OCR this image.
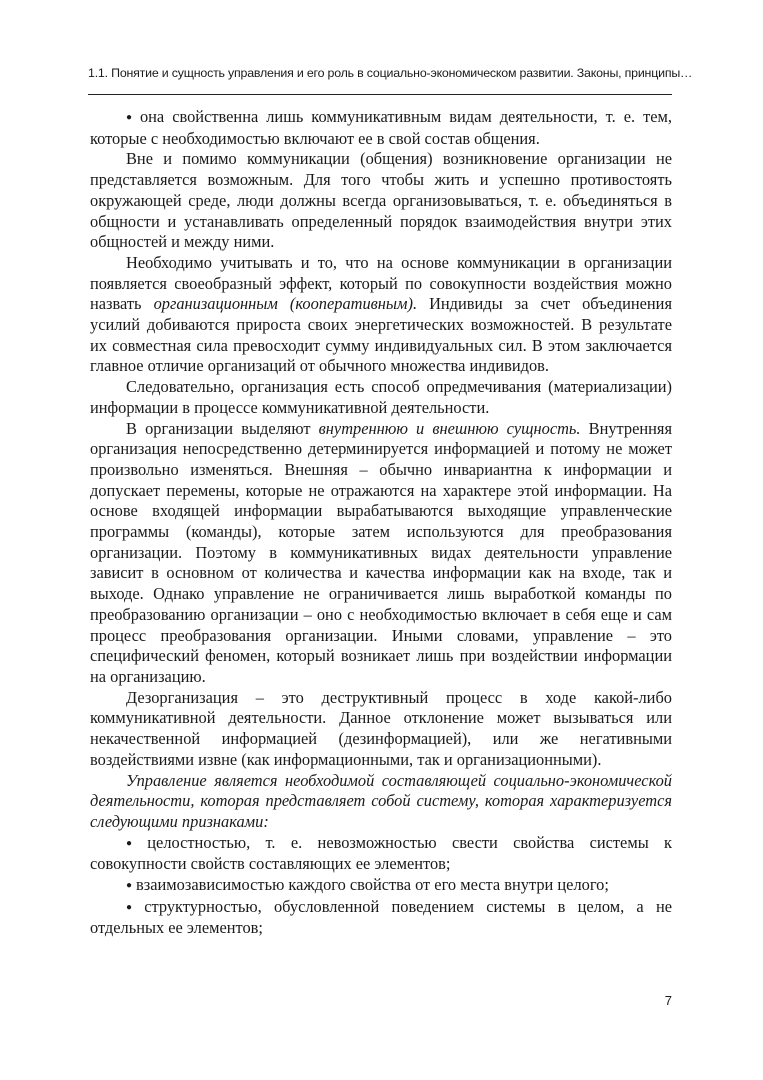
1.1. Понятие и сущность управления и его роль в социально-экономическом развитии. Законы, принципы…

● она свойственна лишь коммуникативным видам деятельности, т. е. тем, которые с необходимостью включают ее в свой состав общения.

Вне и помимо коммуникации (общения) возникновение организации не представляется возможным. Для того чтобы жить и успешно противостоять окружающей среде, люди должны всегда организовываться, т. е. объединяться в общности и устанавливать определенный порядок взаимодействия внутри этих общностей и между ними.

Необходимо учитывать и то, что на основе коммуникации в организации появляется своеобразный эффект, который по совокупности воздействия можно назвать организационным (кооперативным). Индивиды за счет объединения усилий добиваются прироста своих энергетических возможностей. В результате их совместная сила превосходит сумму индивидуальных сил. В этом заключается главное отличие организаций от обычного множества индивидов.

Следовательно, организация есть способ опредмечивания (материализации) информации в процессе коммуникативной деятельности.

В организации выделяют внутреннюю и внешнюю сущность. Внутренняя организация непосредственно детерминируется информацией и потому не может произвольно изменяться. Внешняя – обычно инвариантна к информации и допускает перемены, которые не отражаются на характере этой информации. На основе входящей информации вырабатываются выходящие управленческие программы (команды), которые затем используются для преобразования организации. Поэтому в коммуникативных видах деятельности управление зависит в основном от количества и качества информации как на входе, так и выходе. Однако управление не ограничивается лишь выработкой команды по преобразованию организации – оно с необходимостью включает в себя еще и сам процесс преобразования организации. Иными словами, управление – это специфический феномен, который возникает лишь при воздействии информации на организацию.

Дезорганизация – это деструктивный процесс в ходе какой-либо коммуникативной деятельности. Данное отклонение может вызываться или некачественной информацией (дезинформацией), или же негативными воздействиями извне (как информационными, так и организационными).

Управление является необходимой составляющей социально-экономической деятельности, которая представляет собой систему, которая характеризуется следующими признаками:

● целостностью, т. е. невозможностью свести свойства системы к совокупности свойств составляющих ее элементов;

● взаимозависимостью каждого свойства от его места внутри целого;

● структурностью, обусловленной поведением системы в целом, а не отдельных ее элементов;

7
